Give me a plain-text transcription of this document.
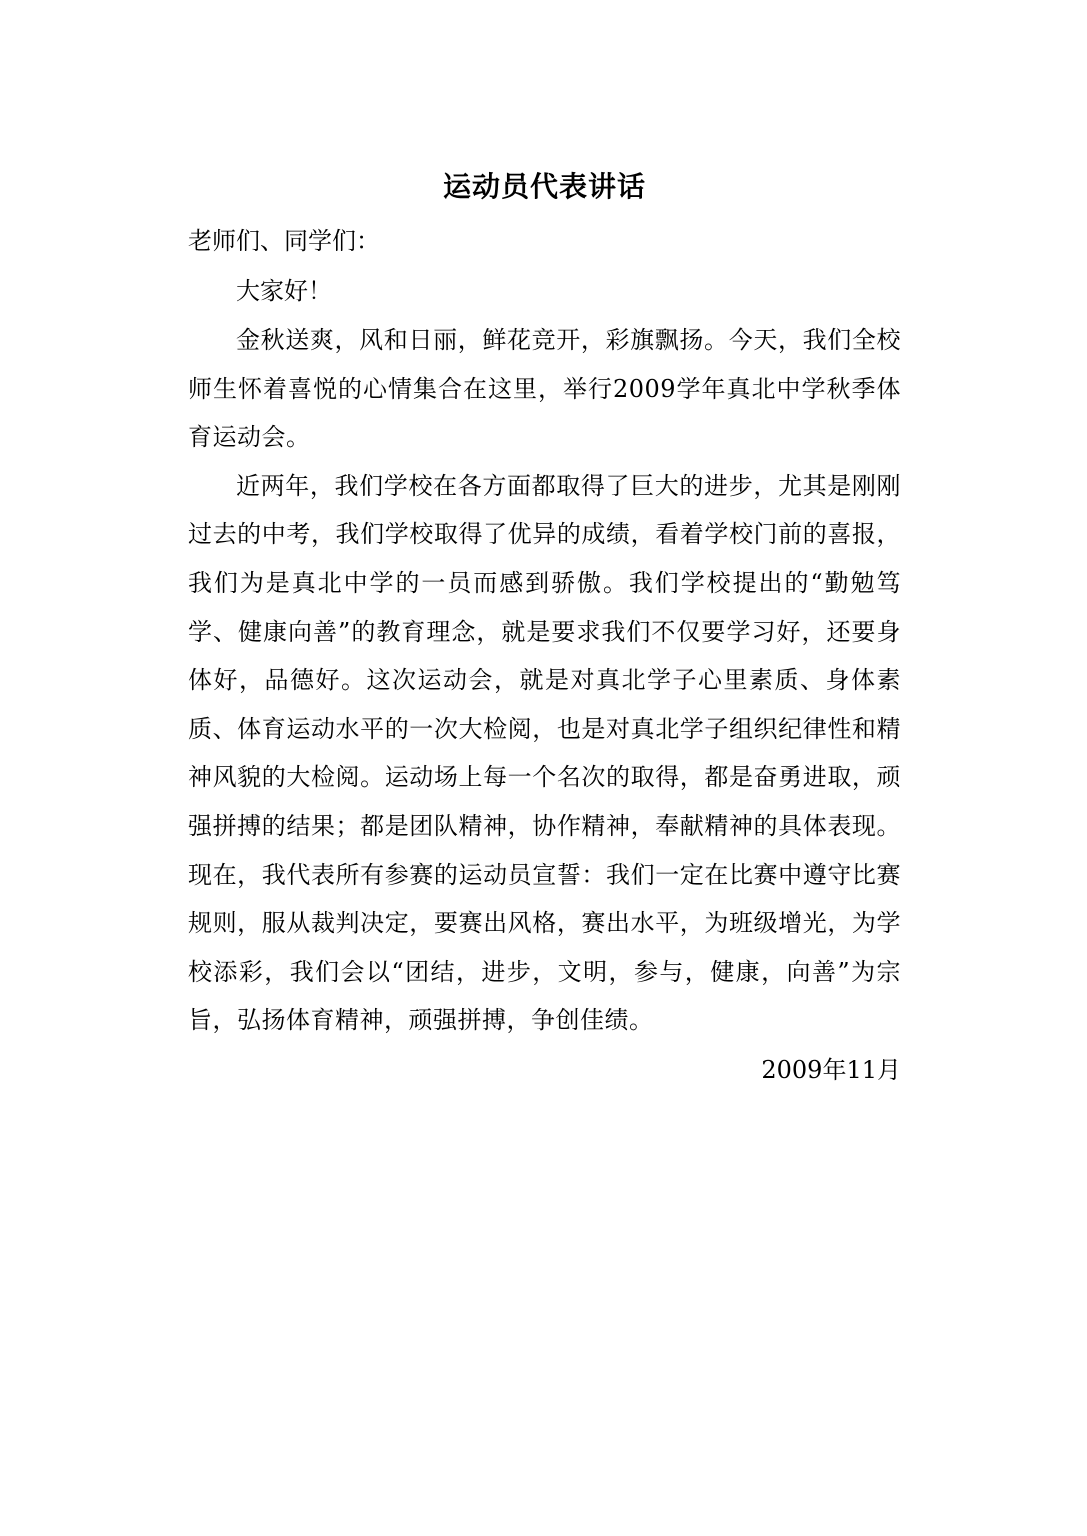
运动员代表讲话

老师们、同学们：

大家好！

金秋送爽，风和日丽，鲜花竞开，彩旗飘扬。今天，我们全校师生怀着喜悦的心情集合在这里，举行2009学年真北中学秋季体育运动会。

近两年，我们学校在各方面都取得了巨大的进步，尤其是刚刚过去的中考，我们学校取得了优异的成绩，看着学校门前的喜报，我们为是真北中学的一员而感到骄傲。我们学校提出的“勤勉笃学、健康向善”的教育理念，就是要求我们不仅要学习好，还要身体好，品德好。这次运动会，就是对真北学子心里素质、身体素质、体育运动水平的一次大检阅，也是对真北学子组织纪律性和精神风貌的大检阅。运动场上每一个名次的取得，都是奋勇进取，顽强拼搏的结果；都是团队精神，协作精神，奉献精神的具体表现。现在，我代表所有参赛的运动员宣誓：我们一定在比赛中遵守比赛规则，服从裁判决定，要赛出风格，赛出水平，为班级增光，为学校添彩，我们会以“团结，进步，文明，参与，健康，向善”为宗旨，弘扬体育精神，顽强拼搏，争创佳绩。

2009年11月
